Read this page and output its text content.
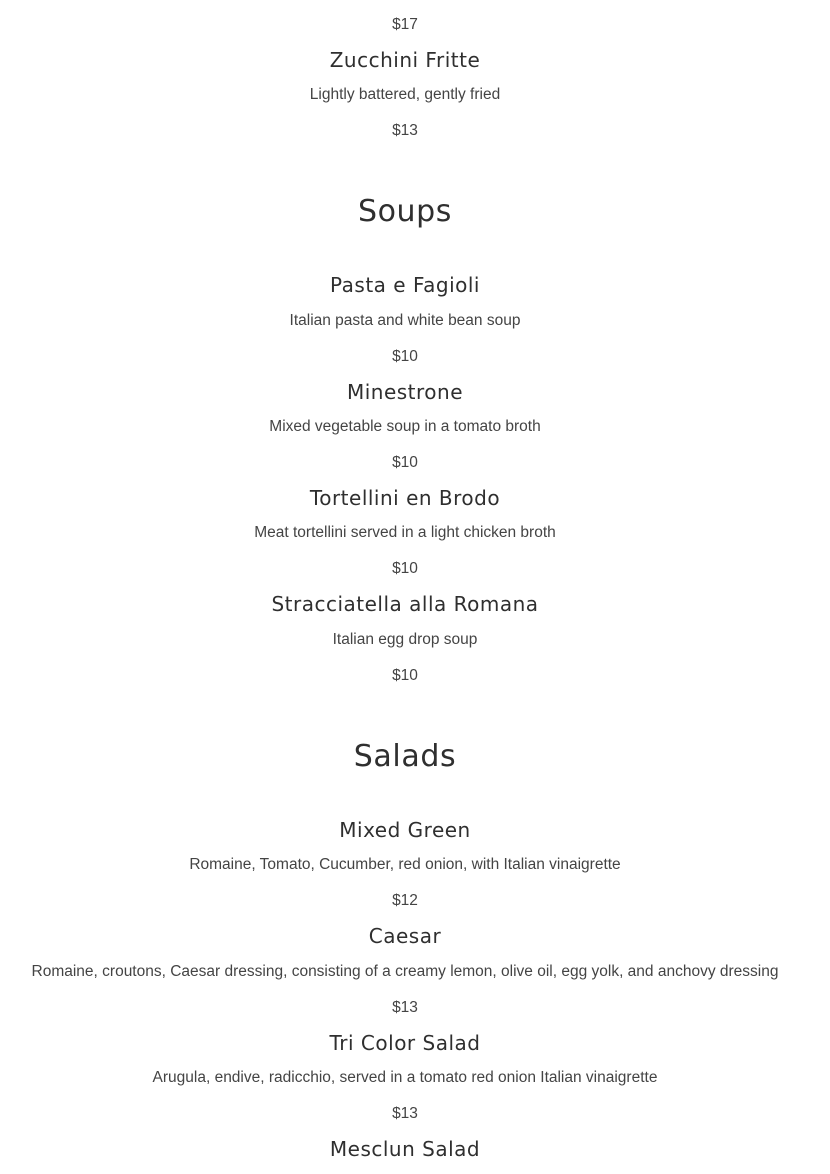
$17
Zucchini Fritte
Lightly battered, gently fried
$13
Soups
Pasta e Fagioli
Italian pasta and white bean soup
$10
Minestrone
Mixed vegetable soup in a tomato broth
$10
Tortellini en Brodo
Meat tortellini served in a light chicken broth
$10
Stracciatella alla Romana
Italian egg drop soup
$10
Salads
Mixed Green
Romaine, Tomato, Cucumber, red onion, with Italian vinaigrette
$12
Caesar
Romaine, croutons, Caesar dressing, consisting of a creamy lemon, olive oil, egg yolk, and anchovy dressing
$13
Tri Color Salad
Arugula, endive, radicchio, served in a tomato red onion Italian vinaigrette
$13
Mesclun Salad
